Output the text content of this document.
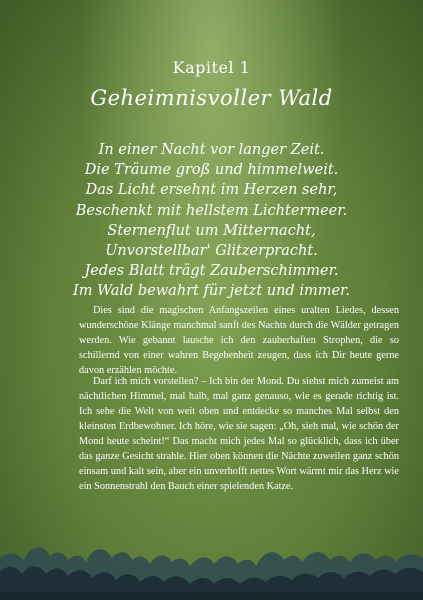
Kapitel 1
Geheimnisvoller Wald
In einer Nacht vor langer Zeit.
Die Träume groß und himmelweit.
Das Licht ersehnt im Herzen sehr,
Beschenkt mit hellstem Lichtermeer.
Sternenflut um Mitternacht,
Unvorstellbar' Glitzerpracht.
Jedes Blatt trägt Zauberschimmer.
Im Wald bewahrt für jetzt und immer.

Dies sind die magischen Anfangszeilen eines uralten Liedes, dessen wunderschöne Klänge manchmal sanft des Nachts durch die Wälder getragen werden. Wie gebannt lausche ich den zauberhaften Strophen, die so schillernd von einer wahren Begebenheit zeugen, dass ich Dir heute gerne davon erzählen möchte.

Darf ich mich vorstellen? – Ich bin der Mond. Du siehst mich zumeist am nächtlichen Himmel, mal halb, mal ganz genauso, wie es gerade richtig ist. Ich sehe die Welt von weit oben und entdecke so manches Mal selbst den kleinsten Erdbewohner. Ich höre, wie sie sagen: „Oh, sieh mal, wie schön der Mond heute scheint!“ Das macht mich jedes Mal so glücklich, dass ich über das ganze Gesicht strahle. Hier oben können die Nächte zuweilen ganz schön einsam und kalt sein, aber ein unverhofft nettes Wort wärmt mir das Herz wie ein Sonnenstrahl den Bauch einer spielenden Katze.
